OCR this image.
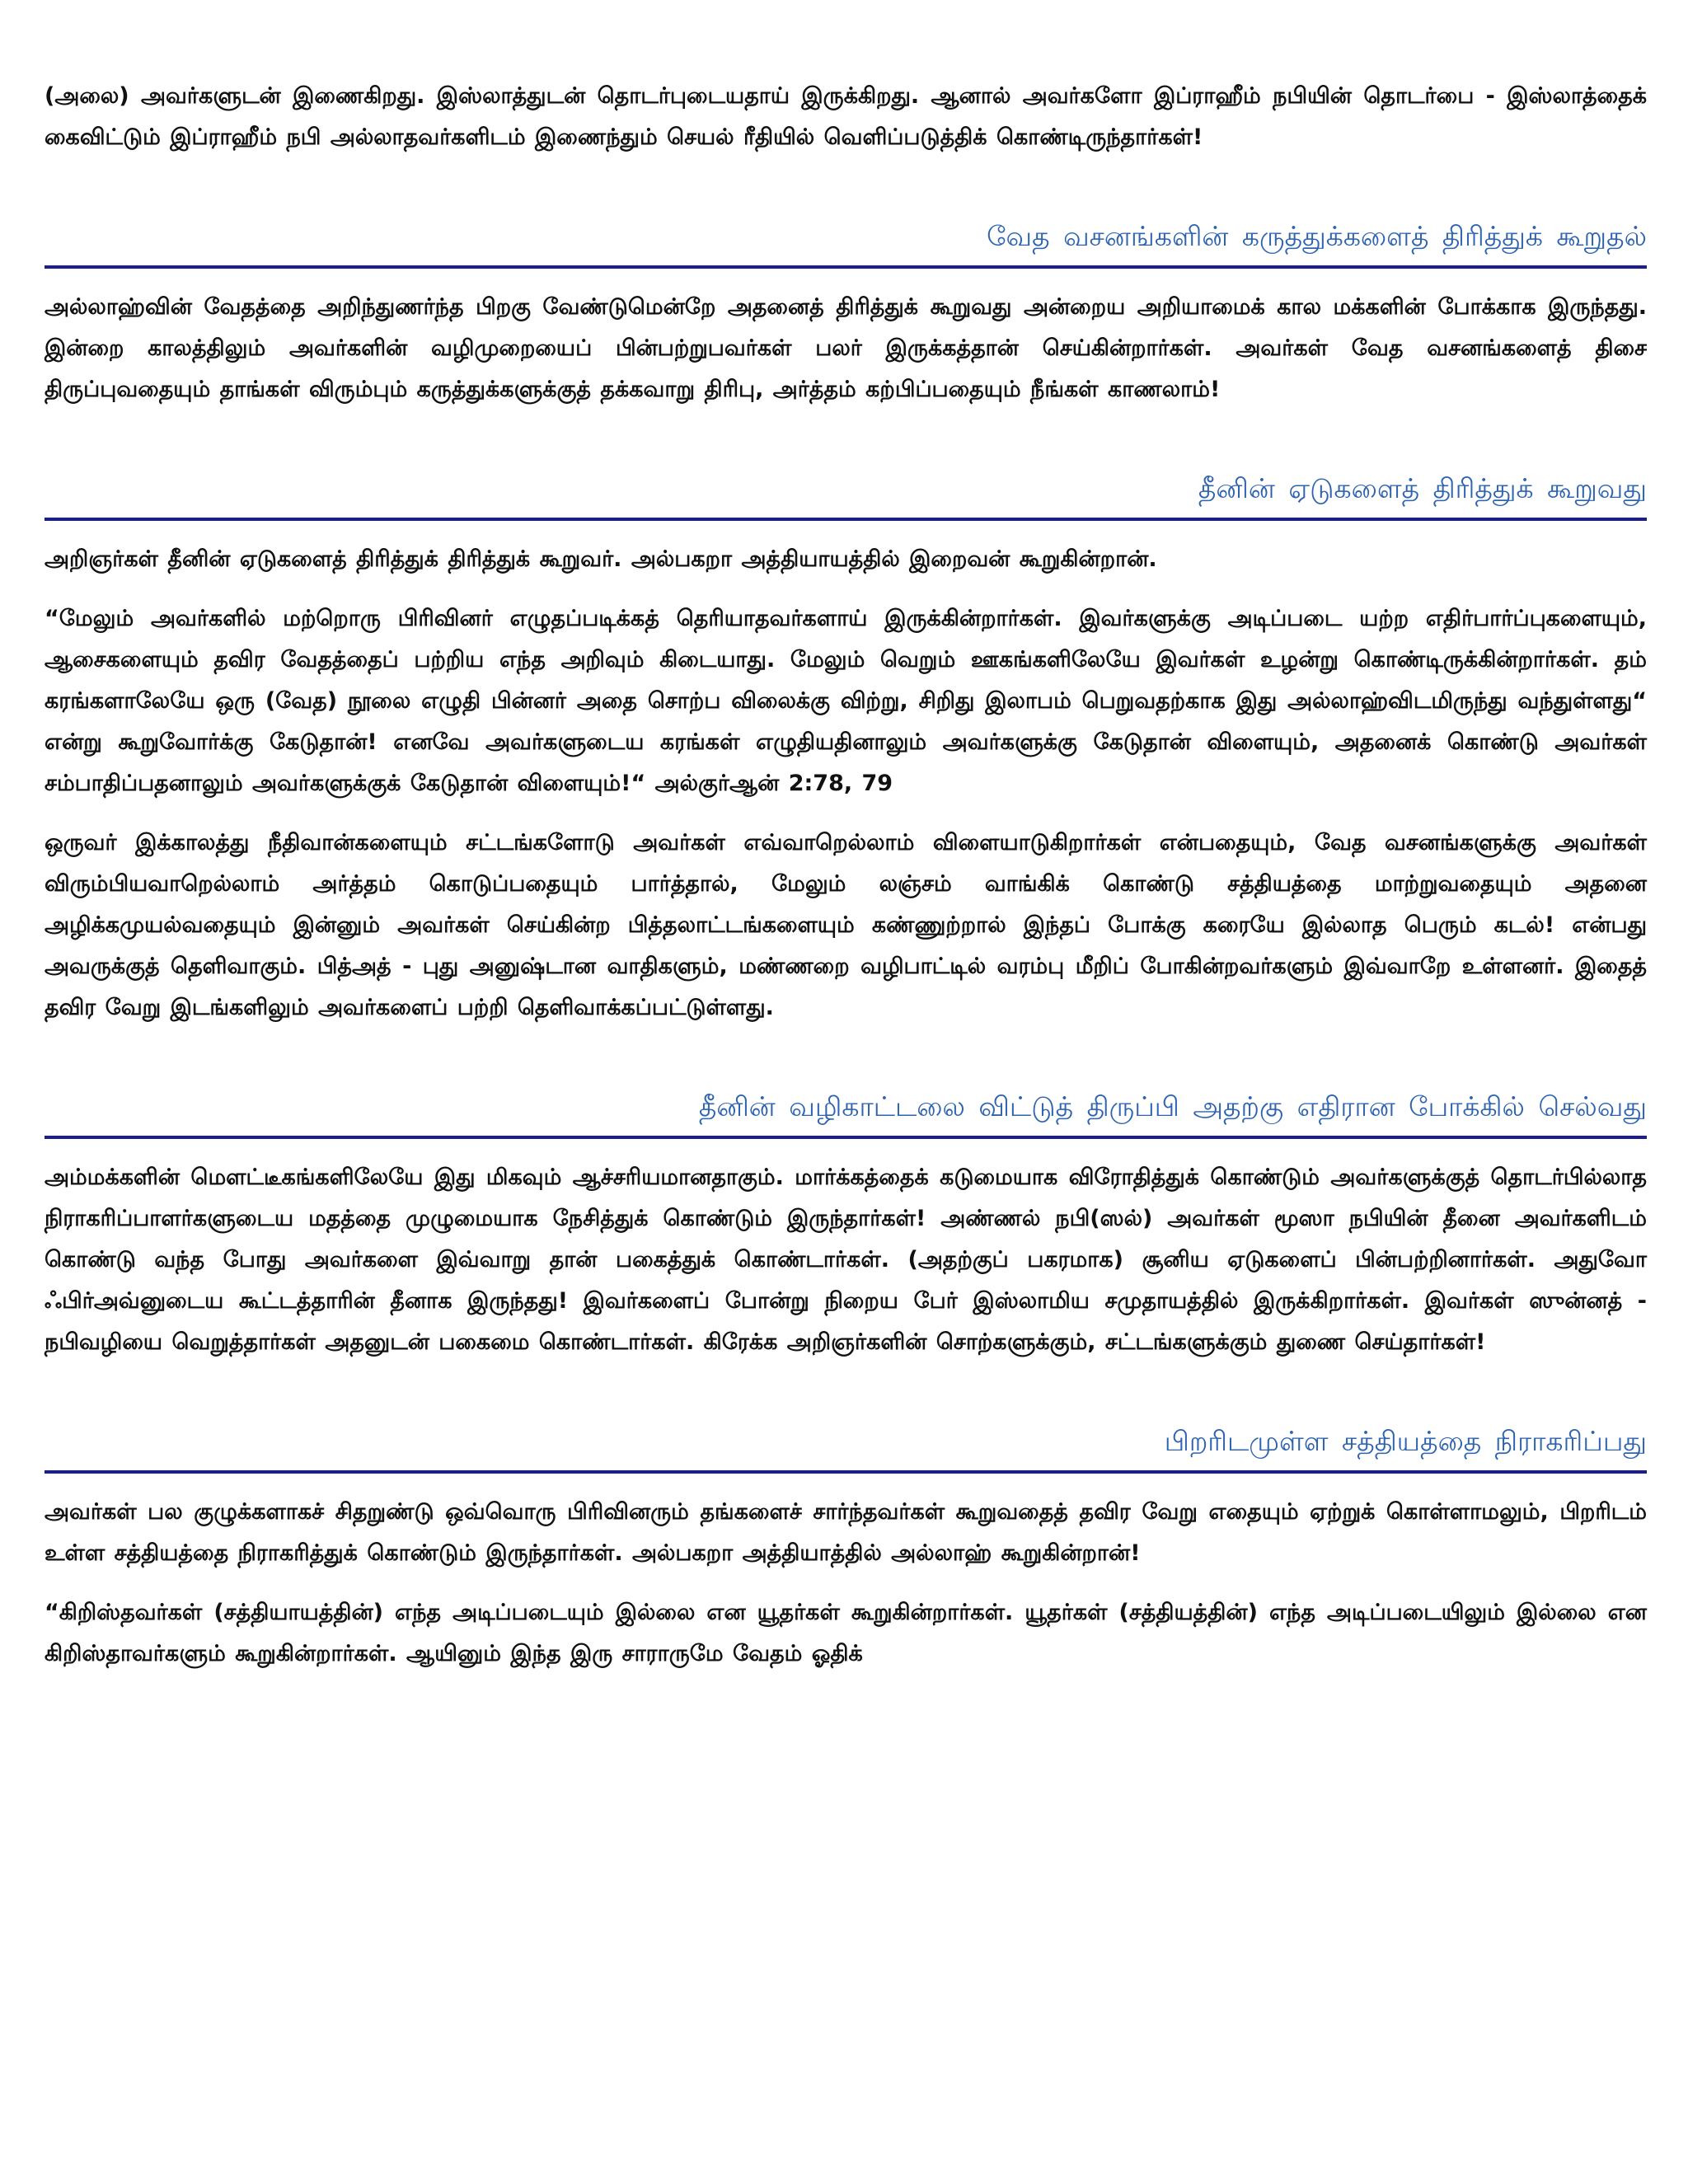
(அலை) அவர்களுடன் இணைகிறது. இஸ்லாத்துடன் தொடர்புடையதாய் இருக்கிறது. ஆனால் அவர்களோ இப்ராஹீம் நபியின் தொடர்பை - இஸ்லாத்தைக் கைவிட்டும் இப்ராஹீம் நபி அல்லாதவர்களிடம் இணைந்தும் செயல் ரீதியில் வெளிப்படுத்திக் கொண்டிருந்தார்கள்!

வேத வசனங்களின் கருத்துக்களைத் திரித்துக் கூறுதல்

அல்லாஹ்வின் வேதத்தை அறிந்துணர்ந்த பிறகு வேண்டுமென்றே அதனைத் திரித்துக் கூறுவது அன்றைய அறியாமைக் கால மக்களின் போக்காக இருந்தது. இன்றை காலத்திலும் அவர்களின் வழிமுறையைப் பின்பற்றுபவர்கள் பலர் இருக்கத்தான் செய்கின்றார்கள். அவர்கள் வேத வசனங்களைத் திசை திருப்புவதையும் தாங்கள் விரும்பும் கருத்துக்களுக்குத் தக்கவாறு திரிபு, அர்த்தம் கற்பிப்பதையும் நீங்கள் காணலாம்!

தீனின் ஏடுகளைத் திரித்துக் கூறுவது

அறிஞர்கள் தீனின் ஏடுகளைத் திரித்துக் திரித்துக் கூறுவர். அல்பகறா அத்தியாயத்தில் இறைவன் கூறுகின்றான்.

“மேலும் அவர்களில் மற்றொரு பிரிவினர் எழுதப்படிக்கத் தெரியாதவர்களாய் இருக்கின்றார்கள். இவர்களுக்கு அடிப்படை யற்ற எதிர்பார்ப்புகளையும், ஆசைகளையும் தவிர வேதத்தைப் பற்றிய எந்த அறிவும் கிடையாது. மேலும் வெறும் ஊகங்களிலேயே இவர்கள் உழன்று கொண்டிருக்கின்றார்கள். தம் கரங்களாலேயே ஒரு (வேத) நூலை எழுதி பின்னர் அதை சொற்ப விலைக்கு விற்று, சிறிது இலாபம் பெறுவதற்காக இது அல்லாஹ்விடமிருந்து வந்துள்ளது“ என்று கூறுவோர்க்கு கேடுதான்! எனவே அவர்களுடைய கரங்கள் எழுதியதினாலும் அவர்களுக்கு கேடுதான் விளையும், அதனைக் கொண்டு அவர்கள் சம்பாதிப்பதனாலும் அவர்களுக்குக் கேடுதான் விளையும்!“ அல்குர்ஆன் 2:78, 79

ஒருவர் இக்காலத்து நீதிவான்களையும் சட்டங்களோடு அவர்கள் எவ்வாறெல்லாம் விளையாடுகிறார்கள் என்பதையும், வேத வசனங்களுக்கு அவர்கள் விரும்பியவாறெல்லாம் அர்த்தம் கொடுப்பதையும் பார்த்தால், மேலும் லஞ்சம் வாங்கிக் கொண்டு சத்தியத்தை மாற்றுவதையும் அதனை அழிக்கமுயல்வதையும் இன்னும் அவர்கள் செய்கின்ற பித்தலாட்டங்களையும் கண்ணுற்றால் இந்தப் போக்கு கரையே இல்லாத பெரும் கடல்! என்பது அவருக்குத் தெளிவாகும். பித்அத் - புது அனுஷ்டான வாதிகளும், மண்ணறை வழிபாட்டில் வரம்பு மீறிப் போகின்றவர்களும் இவ்வாறே உள்ளனர். இதைத் தவிர வேறு இடங்களிலும் அவர்களைப் பற்றி தெளிவாக்கப்பட்டுள்ளது.

தீனின் வழிகாட்டலை விட்டுத் திருப்பி அதற்கு எதிரான போக்கில் செல்வது

அம்மக்களின் மௌட்டீகங்களிலேயே இது மிகவும் ஆச்சரியமானதாகும். மார்க்கத்தைக் கடுமையாக விரோதித்துக் கொண்டும் அவர்களுக்குத் தொடர்பில்லாத நிராகரிப்பாளர்களுடைய மதத்தை முழுமையாக நேசித்துக் கொண்டும் இருந்தார்கள்! அண்ணல் நபி(ஸல்) அவர்கள் மூஸா நபியின் தீனை அவர்களிடம் கொண்டு வந்த போது அவர்களை இவ்வாறு தான் பகைத்துக் கொண்டார்கள். (அதற்குப் பகரமாக) சூனிய ஏடுகளைப் பின்பற்றினார்கள். அதுவோ ஃபிர்அவ்னுடைய கூட்டத்தாரின் தீனாக இருந்தது! இவர்களைப் போன்று நிறைய பேர் இஸ்லாமிய சமுதாயத்தில் இருக்கிறார்கள். இவர்கள் ஸுன்னத் - நபிவழியை வெறுத்தார்கள் அதனுடன் பகைமை கொண்டார்கள். கிரேக்க அறிஞர்களின் சொற்களுக்கும், சட்டங்களுக்கும் துணை செய்தார்கள்!

பிறரிடமுள்ள சத்தியத்தை நிராகரிப்பது

அவர்கள் பல குழுக்களாகச் சிதறுண்டு ஒவ்வொரு பிரிவினரும் தங்களைச் சார்ந்தவர்கள் கூறுவதைத் தவிர வேறு எதையும் ஏற்றுக் கொள்ளாமலும், பிறரிடம் உள்ள சத்தியத்தை நிராகரித்துக் கொண்டும் இருந்தார்கள். அல்பகறா அத்தியாத்தில் அல்லாஹ் கூறுகின்றான்!

“கிறிஸ்தவர்கள் (சத்தியாயத்தின்) எந்த அடிப்படையும் இல்லை என யூதர்கள் கூறுகின்றார்கள். யூதர்கள் (சத்தியத்தின்) எந்த அடிப்படையிலும் இல்லை என கிறிஸ்தாவர்களும் கூறுகின்றார்கள். ஆயினும் இந்த இரு சாராருமே வேதம் ஓதிக்
